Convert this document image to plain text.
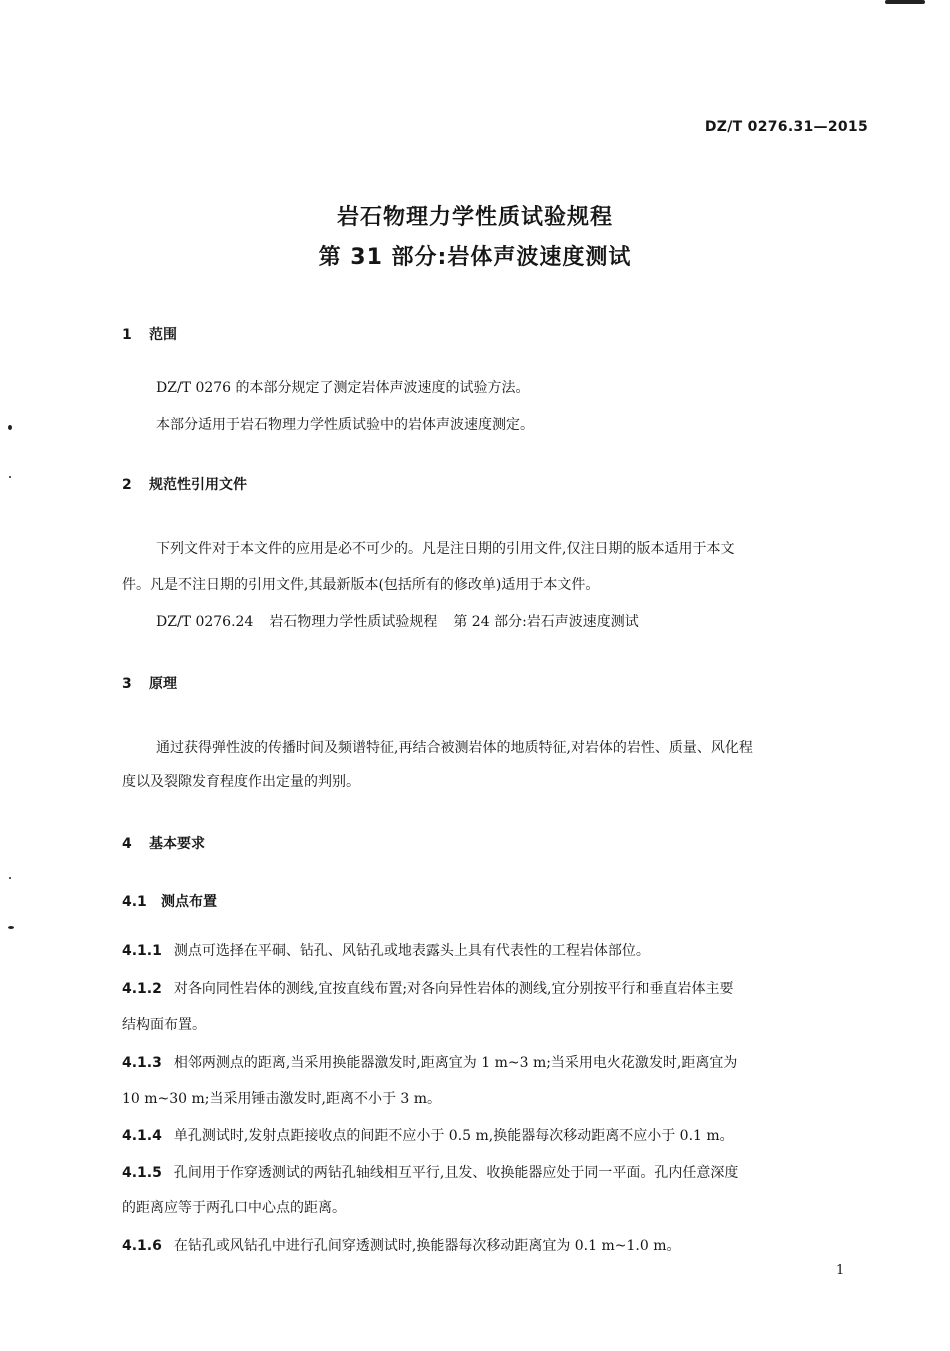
DZ/T 0276.31—2015
岩石物理力学性质试验规程
第 31 部分:岩体声波速度测试
1 范围
DZ/T 0276 的本部分规定了测定岩体声波速度的试验方法。
本部分适用于岩石物理力学性质试验中的岩体声波速度测定。
2 规范性引用文件
下列文件对于本文件的应用是必不可少的。凡是注日期的引用文件,仅注日期的版本适用于本文
件。凡是不注日期的引用文件,其最新版本(包括所有的修改单)适用于本文件。
DZ/T 0276.24 岩石物理力学性质试验规程 第 24 部分:岩石声波速度测试
3 原理
通过获得弹性波的传播时间及频谱特征,再结合被测岩体的地质特征,对岩体的岩性、质量、风化程
度以及裂隙发育程度作出定量的判别。
4 基本要求
4.1 测点布置
4.1.1 测点可选择在平硐、钻孔、风钻孔或地表露头上具有代表性的工程岩体部位。
4.1.2 对各向同性岩体的测线,宜按直线布置;对各向异性岩体的测线,宜分别按平行和垂直岩体主要
结构面布置。
4.1.3 相邻两测点的距离,当采用换能器激发时,距离宜为 1 m~3 m;当采用电火花激发时,距离宜为
10 m~30 m;当采用锤击激发时,距离不小于 3 m。
4.1.4 单孔测试时,发射点距接收点的间距不应小于 0.5 m,换能器每次移动距离不应小于 0.1 m。
4.1.5 孔间用于作穿透测试的两钻孔轴线相互平行,且发、收换能器应处于同一平面。孔内任意深度
的距离应等于两孔口中心点的距离。
4.1.6 在钻孔或风钻孔中进行孔间穿透测试时,换能器每次移动距离宜为 0.1 m~1.0 m。
1
